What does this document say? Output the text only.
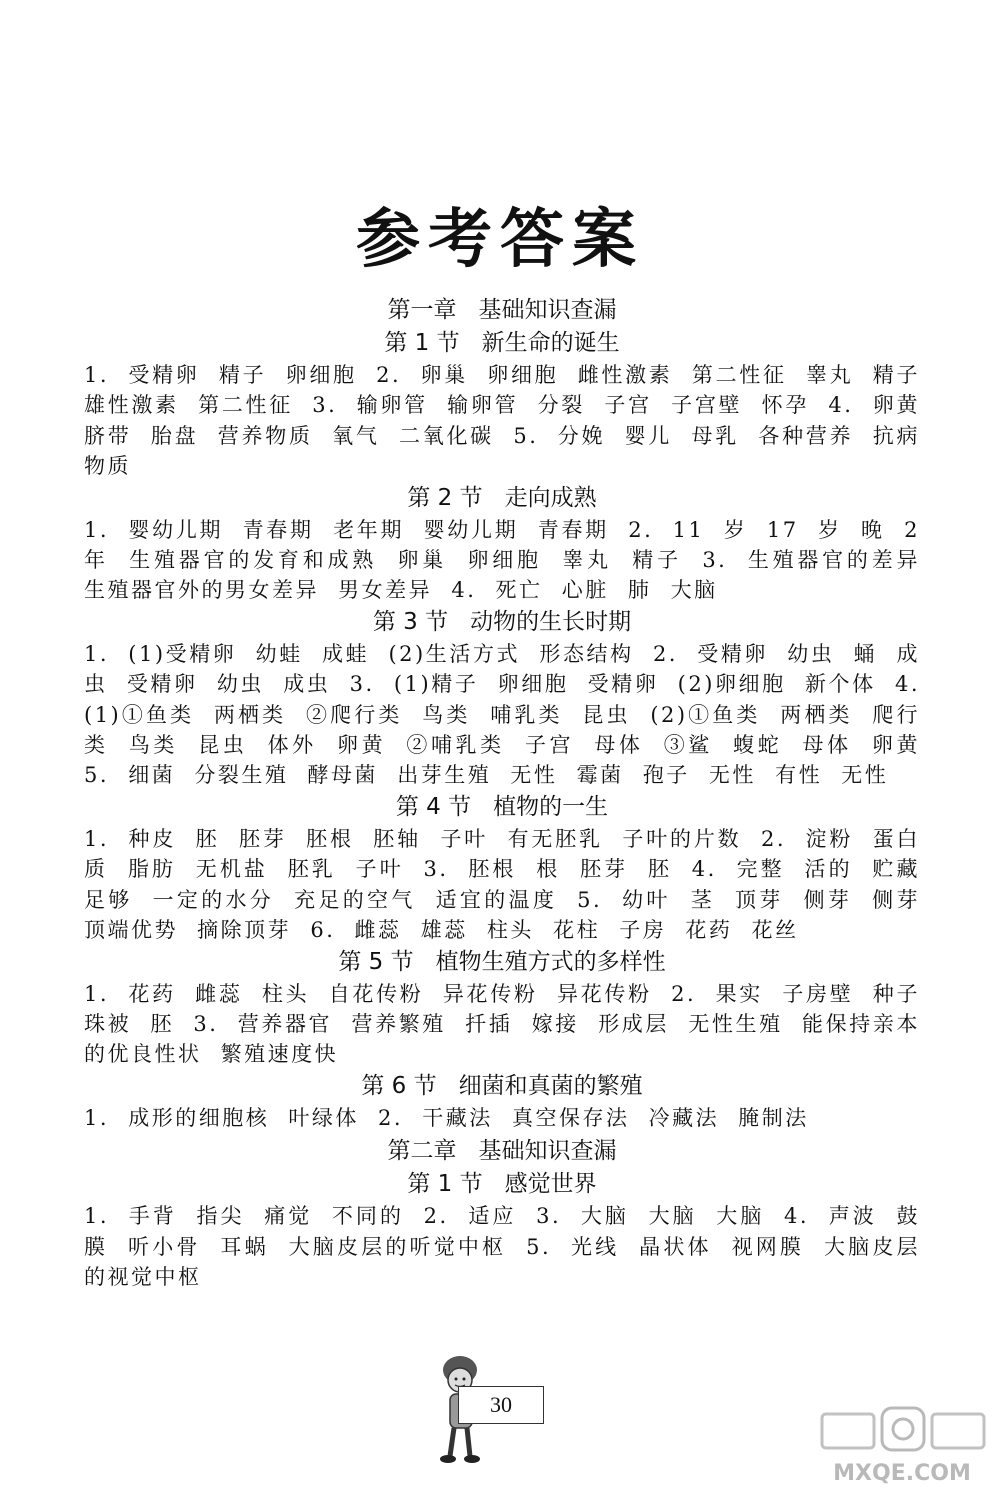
参考答案
第一章 基础知识查漏
第 1 节 新生命的诞生
1. 受精卵 精子 卵细胞 2. 卵巢 卵细胞 雌性激素 第二性征 睾丸 精子 雄性激素 第二性征 3. 输卵管 输卵管 分裂 子宫 子宫壁 怀孕 4. 卵黄 脐带 胎盘 营养物质 氧气 二氧化碳 5. 分娩 婴儿 母乳 各种营养 抗病物质
第 2 节 走向成熟
1. 婴幼儿期 青春期 老年期 婴幼儿期 青春期 2. 11 岁 17 岁 晚 2 年 生殖器官的发育和成熟 卵巢 卵细胞 睾丸 精子 3. 生殖器官的差异 生殖器官外的男女差异 男女差异 4. 死亡 心脏 肺 大脑
第 3 节 动物的生长时期
1. (1)受精卵 幼蛙 成蛙 (2)生活方式 形态结构 2. 受精卵 幼虫 蛹 成虫 受精卵 幼虫 成虫 3. (1)精子 卵细胞 受精卵 (2)卵细胞 新个体 4. (1)①鱼类 两栖类 ②爬行类 鸟类 哺乳类 昆虫 (2)①鱼类 两栖类 爬行类 鸟类 昆虫 体外 卵黄 ②哺乳类 子宫 母体 ③鲨 蝮蛇 母体 卵黄 5. 细菌 分裂生殖 酵母菌 出芽生殖 无性 霉菌 孢子 无性 有性 无性
第 4 节 植物的一生
1. 种皮 胚 胚芽 胚根 胚轴 子叶 有无胚乳 子叶的片数 2. 淀粉 蛋白质 脂肪 无机盐 胚乳 子叶 3. 胚根 根 胚芽 胚 4. 完整 活的 贮藏足够 一定的水分 充足的空气 适宜的温度 5. 幼叶 茎 顶芽 侧芽 侧芽 顶端优势 摘除顶芽 6. 雌蕊 雄蕊 柱头 花柱 子房 花药 花丝
第 5 节 植物生殖方式的多样性
1. 花药 雌蕊 柱头 自花传粉 异花传粉 异花传粉 2. 果实 子房壁 种子 珠被 胚 3. 营养器官 营养繁殖 扦插 嫁接 形成层 无性生殖 能保持亲本的优良性状 繁殖速度快
第 6 节 细菌和真菌的繁殖
1. 成形的细胞核 叶绿体 2. 干藏法 真空保存法 冷藏法 腌制法
第二章 基础知识查漏
第 1 节 感觉世界
1. 手背 指尖 痛觉 不同的 2. 适应 3. 大脑 大脑 大脑 4. 声波 鼓膜 听小骨 耳蜗 大脑皮层的听觉中枢 5. 光线 晶状体 视网膜 大脑皮层的视觉中枢
30
MXQE.COM
